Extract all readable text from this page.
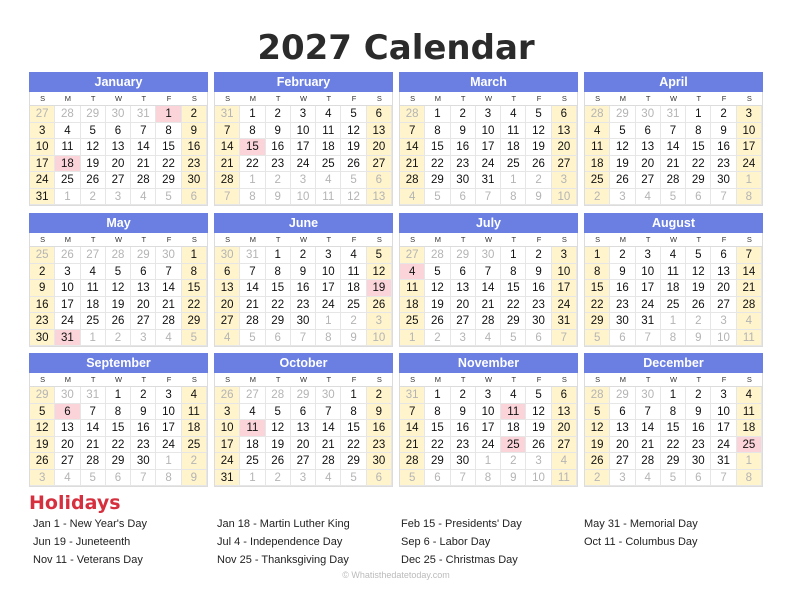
2027 Calendar
January
S	M	T	W	T	F	S
27	28	29	30	31	1	2
3	4	5	6	7	8	9
10	11	12	13	14	15	16
17	18	19	20	21	22	23
24	25	26	27	28	29	30
31	1	2	3	4	5	6
February
S	M	T	W	T	F	S
31	1	2	3	4	5	6
7	8	9	10	11	12	13
14	15	16	17	18	19	20
21	22	23	24	25	26	27
28	1	2	3	4	5	6
7	8	9	10	11	12	13
March
S	M	T	W	T	F	S
28	1	2	3	4	5	6
7	8	9	10	11	12	13
14	15	16	17	18	19	20
21	22	23	24	25	26	27
28	29	30	31	1	2	3
4	5	6	7	8	9	10
April
S	M	T	W	T	F	S
28	29	30	31	1	2	3
4	5	6	7	8	9	10
11	12	13	14	15	16	17
18	19	20	21	22	23	24
25	26	27	28	29	30	1
2	3	4	5	6	7	8
May
S	M	T	W	T	F	S
25	26	27	28	29	30	1
2	3	4	5	6	7	8
9	10	11	12	13	14	15
16	17	18	19	20	21	22
23	24	25	26	27	28	29
30	31	1	2	3	4	5
June
S	M	T	W	T	F	S
30	31	1	2	3	4	5
6	7	8	9	10	11	12
13	14	15	16	17	18	19
20	21	22	23	24	25	26
27	28	29	30	1	2	3
4	5	6	7	8	9	10
July
S	M	T	W	T	F	S
27	28	29	30	1	2	3
4	5	6	7	8	9	10
11	12	13	14	15	16	17
18	19	20	21	22	23	24
25	26	27	28	29	30	31
1	2	3	4	5	6	7
August
S	M	T	W	T	F	S
1	2	3	4	5	6	7
8	9	10	11	12	13	14
15	16	17	18	19	20	21
22	23	24	25	26	27	28
29	30	31	1	2	3	4
5	6	7	8	9	10	11
September
S	M	T	W	T	F	S
29	30	31	1	2	3	4
5	6	7	8	9	10	11
12	13	14	15	16	17	18
19	20	21	22	23	24	25
26	27	28	29	30	1	2
3	4	5	6	7	8	9
October
S	M	T	W	T	F	S
26	27	28	29	30	1	2
3	4	5	6	7	8	9
10	11	12	13	14	15	16
17	18	19	20	21	22	23
24	25	26	27	28	29	30
31	1	2	3	4	5	6
November
S	M	T	W	T	F	S
31	1	2	3	4	5	6
7	8	9	10	11	12	13
14	15	16	17	18	19	20
21	22	23	24	25	26	27
28	29	30	1	2	3	4
5	6	7	8	9	10	11
December
S	M	T	W	T	F	S
28	29	30	1	2	3	4
5	6	7	8	9	10	11
12	13	14	15	16	17	18
19	20	21	22	23	24	25
26	27	28	29	30	31	1
2	3	4	5	6	7	8
Holidays
Jan 1 - New Year's Day	Jan 18 - Martin Luther King	Feb 15 - Presidents' Day	May 31 - Memorial Day
Jun 19 - Juneteenth	Jul 4 - Independence Day	Sep 6 - Labor Day	Oct 11 - Columbus Day
Nov 11 - Veterans Day	Nov 25 - Thanksgiving Day	Dec 25 - Christmas Day
© Whatisthedatetoday.com
